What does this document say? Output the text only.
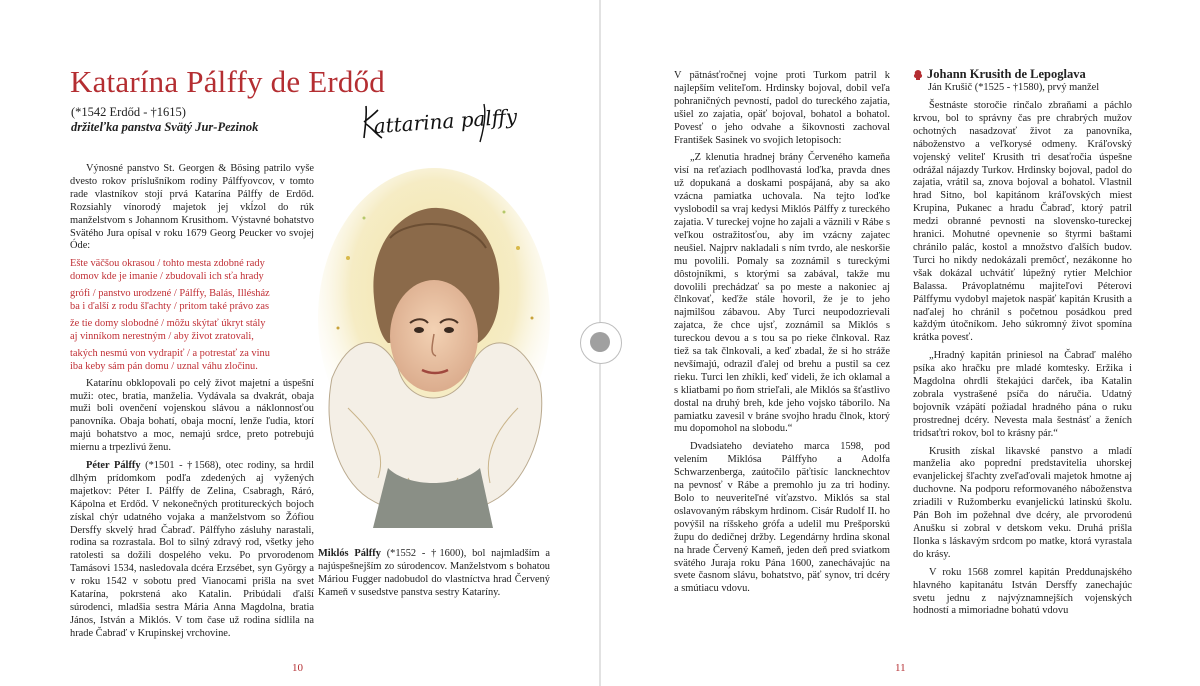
Katarína Pálffy de Erdőd
(*1542 Erdőd - †1615)
držiteľka panstva Svätý Jur-Pezinok	attarina palffy

Výnosné panstvo St. Georgen & Bösing patrilo vyše dvesto rokov príslušníkom rodiny Pálffyovcov, v tomto rade vlastníkov stojí prvá Katarína Pálffy de Erdőd. Rozsiahly vínorodý majetok jej vkĺzol do rúk manželstvom s Johannom Krusithom. Výstavné bohatstvo Svätého Jura opísal v roku 1679 Georg Peucker vo svojej Óde:

Ešte väčšou okrasou / tohto mesta zdobné rady
domov kde je imanie / zbudovali ich sťa hrady
grófi / panstvo urodzené / Pálffy, Balás, Illésház
ba i ďalší z rodu šľachty / pritom také právo zas
že tie domy slobodné / môžu skýtať úkryt stály
aj vinníkom nerestným / aby život zratovali,
takých nesmú von vydrapiť / a potrestať za vinu
iba keby sám pán domu / uznal váhu zločinu.

Katarínu obklopovali po celý život majetní a úspešní muži: otec, bratia, manželia. Vydávala sa dvakrát, obaja muži boli ovenčení vojenskou slávou a náklonnosťou panovníka. Obaja bohatí, obaja mocní, lenže ľudia, ktorí majú bohatstvo a moc, nemajú srdce, preto potrebujú miernu a trpezlivú ženu.

Péter Pálffy (*1501 - †1568), otec rodiny, sa hrdil dlhým prídomkom podľa zdedených aj vyžených majetkov: Péter I. Pálffy de Zelina, Csabragh, Ráró, Kápolna et Erdőd. V nekonečných protitureckých bojoch získal chýr udatného vojaka a manželstvom so Žófiou Dersffy skvelý hrad Čabraď. Pálffyho zásluhy narastali, rodina sa rozrastala. Bol to silný zdravý rod, všetky jeho ratolesti sa dožili dospelého veku. Po prvorodenom Tamásovi 1534, nasledovala dcéra Erzsébet, syn György a v roku 1542 v sobotu pred Vianocami prišla na svet Katarína, pokrstená ako Katalin. Pribúdali ďalší súrodenci, mladšia sestra Mária Anna Magdolna, bratia János, István a Miklós. V tom čase už rodina sídlila na hrade Čabraď v Krupinskej vrchovine.

Miklós Pálffy (*1552 - †1600), bol najmladším a najúspešnejším zo súrodencov. Manželstvom s bohatou Máriou Fugger nadobudol do vlastníctva hrad Červený Kameň v susedstve panstva sestry Kataríny.

10

V pätnásťročnej vojne proti Turkom patril k najlepším veliteľom. Hrdinsky bojoval, dobil veľa pohraničných pevností, padol do tureckého zajatia, ušiel zo zajatia, opäť bojoval, bohatol a bohatol. Povesť o jeho odvahe a šikovnosti zachoval František Sasinek vo svojich letopisoch:

„Z klenutia hradnej brány Červeného kameňa visí na reťaziach podlhovastá loďka, pravda dnes už dopukaná a doskami pospájaná, aby sa ako vzácna pamiatka uchovala. Na tejto loďke vyslobodil sa vraj kedysi Miklós Pálffy z tureckého zajatia. V tureckej vojne ho zajali a väznili v Rábe s veľkou ostražitosťou, aby im vzácny zajatec neušiel. Najprv nakladali s ním tvrdo, ale neskoršie mu povolili. Pomaly sa zoznámil s tureckými dôstojníkmi, s ktorými sa zabával, takže mu dovolili prechádzať sa po meste a nakoniec aj člnkovať, keďže stále hovoril, že je to jeho najmilšou zábavou. Aby Turci neupodozrievali zajatca, že chce ujsť, zoznámil sa Miklós s tureckou devou a s tou sa po rieke člnkoval. Raz tiež sa tak člnkovali, a keď zbadal, že si ho stráže nevšímajú, odrazil ďalej od brehu a pustil sa cez rieku. Turci len zhíkli, keď videli, že ich oklamal a s kliatbami po ňom strieľali, ale Miklós sa šťastlivo dostal na druhý breh, kde jeho vojsko táborilo. Na pamiatku zavesil v bráne svojho hradu člnok, ktorý mu dopomohol na slobodu.“

Dvadsiateho deviateho marca 1598, pod velením Miklósa Pálffyho a Adolfa Schwarzenberga, zaútočilo päťtisíc lancknechtov na pevnosť v Rábe a premohlo ju za tri hodiny. Bolo to neuveriteľné víťazstvo. Miklós sa stal oslavovaným rábskym hrdinom. Cisár Rudolf II. ho povýšil na ríšskeho grófa a udelil mu Prešporskú župu do dedičnej držby. Legendárny hrdina skonal na hrade Červený Kameň, jeden deň pred sviatkom svätého Juraja roku Pána 1600, zanechávajúc na svete časnom slávu, bohatstvo, päť synov, tri dcéry a smútiacu vdovu.

Johann Krusith de Lepoglava
Ján Krušič (*1525 - †1580), prvý manžel

Šestnáste storočie rinčalo zbraňami a páchlo krvou, bol to správny čas pre chrabrých mužov ochotných nasadzovať život za panovníka, náboženstvo a veľkorysé odmeny. Kráľovský vojenský veliteľ Krusith tri desaťročia úspešne odrážal nájazdy Turkov. Hrdinsky bojoval, padol do zajatia, vrátil sa, znova bojoval a bohatol. Vlastnil hrad Sitno, bol kapitánom kráľovských miest Krupina, Pukanec a hradu Čabraď, ktorý patril medzi obranné pevnosti na slovensko-tureckej hranici. Mohutné opevnenie so štyrmi baštami chránilo palác, kostol a množstvo ďalších budov. Turci ho nikdy nedokázali premôcť, nezákonne ho však dokázal uchvátiť lúpežný rytier Melchior Balassa. Právoplatnému majiteľovi Péterovi Pálffymu vydobyl majetok naspäť kapitán Krusith a naďalej ho chránil s početnou posádkou pred každým útočníkom. Jeho súkromný život spomína krátka povesť.

„Hradný kapitán priniesol na Čabraď malého psíka ako hračku pre mladé komtesky. Eržika i Magdolna ohrdli štekajúci darček, iba Katalin zobrala vystrašené psíča do náručia. Udatný bojovník vzápätí požiadal hradného pána o ruku prostrednej dcéry. Nevesta mala šestnásť a ženích tridsaťtri rokov, bol to krásny pár.“

Krusith získal likavské panstvo a mladí manželia ako poprední predstavitelia uhorskej evanjelickej šľachty zveľaďovali majetok hmotne aj duchovne. Na podporu reformovaného náboženstva zriadili v Ružomberku evanjelickú latinskú školu. Pán Boh im požehnal dve dcéry, ale prvorodenú Anušku si zobral v detskom veku. Druhá prišla Ilonka s láskavým srdcom po matke, ktorá vyrastala do krásy.

V roku 1568 zomrel kapitán Preddunajského hlavného kapitanátu István Dersffy zanechajúc svetu jednu z najvýznamnejších vojenských hodností a mimoriadne bohatú vdovu

11
